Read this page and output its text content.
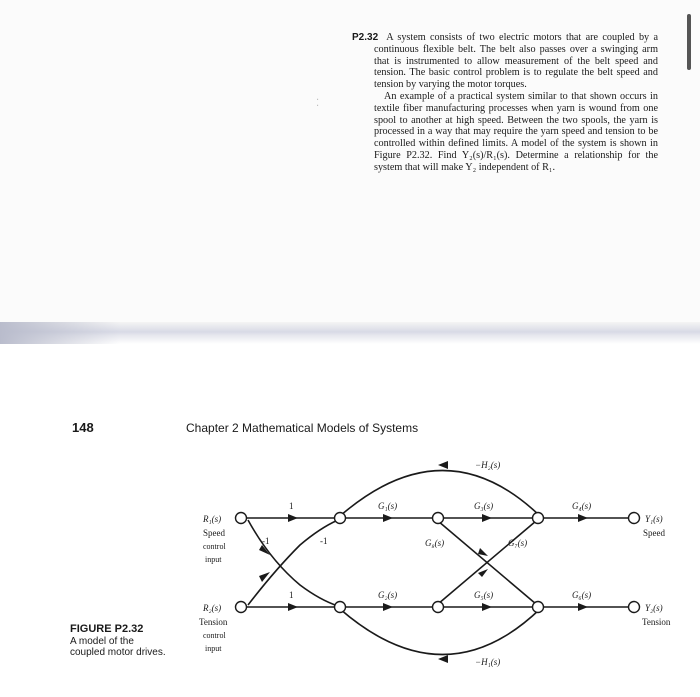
⁚

P2.32 A system consists of two electric motors that are coupled by a continuous flexible belt. The belt also passes over a swinging arm that is instrumented to allow measurement of the belt speed and tension. The basic control problem is to regulate the belt speed and tension by varying the motor torques.

An example of a practical system similar to that shown occurs in textile fiber manufacturing processes when yarn is wound from one spool to another at high speed. Between the two spools, the yarn is processed in a way that may require the yarn speed and tension to be controlled within defined limits. A model of the system is shown in Figure P2.32. Find Y₂(s)/R₁(s). Determine a relationship for the system that will make Y₂ independent of R₁.

148	Chapter 2 Mathematical Models of Systems
FIGURE P2.32
A model of the coupled motor drives.
R₁(s)
Speed
control
input
R₂(s)
Tension
control
input
Y₁(s)
Speed
Y₂(s)
Tension
1
1
-1	-1
G₁(s)
G₂(s)
G₃(s)	G₄(s)
G₅(s)	G₆(s)
G₇(s)
G₈(s)
−H₂(s)
−H₁(s)
